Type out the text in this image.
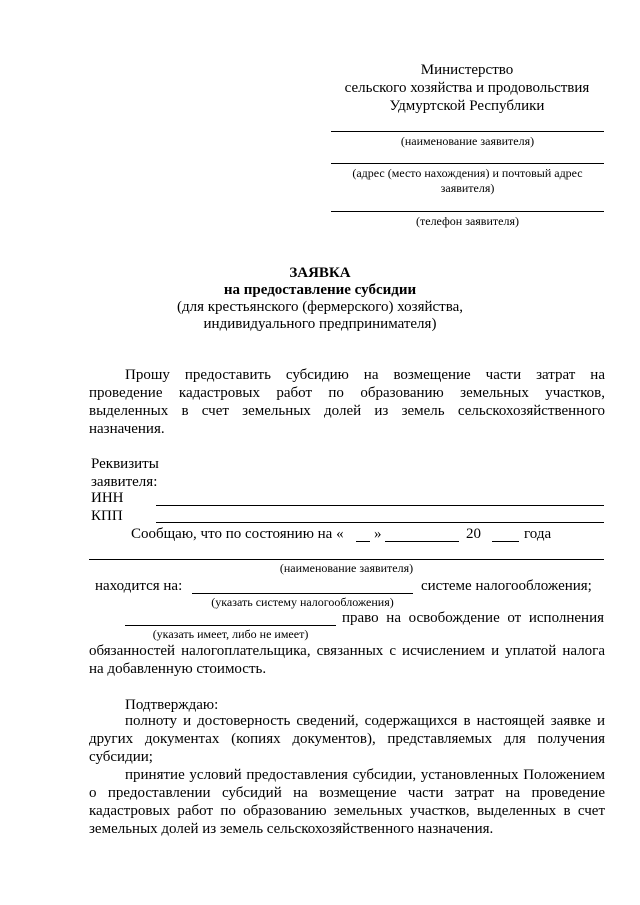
Министерство
сельского хозяйства и продовольствия
Удмуртской Республики
(наименование заявителя)
(адрес (место нахождения) и почтовый адрес
заявителя)
(телефон заявителя)
ЗАЯВКА
на предоставление субсидии
(для крестьянского (фермерского) хозяйства,
индивидуального предпринимателя)
Прошу предоставить субсидию на возмещение части затрат на
проведение кадастровых работ по образованию земельных участков,
выделенных в счет земельных долей из земель сельскохозяйственного
назначения.
Реквизиты
заявителя:
ИНН
КПП
Сообщаю, что по состоянию на « »	20	года
(наименование заявителя)
находится на:	системе налогообложения;
(указать систему налогообложения)
право на освобождение от исполнения
(указать имеет, либо не имеет)
обязанностей налогоплательщика, связанных с исчислением и уплатой налога
на добавленную стоимость.
Подтверждаю:
полноту и достоверность сведений, содержащихся в настоящей заявке и
других документах (копиях документов), представляемых для получения
субсидии;
принятие условий предоставления субсидии, установленных Положением
о предоставлении субсидий на возмещение части затрат на проведение
кадастровых работ по образованию земельных участков, выделенных в счет
земельных долей из земель сельскохозяйственного назначения.
